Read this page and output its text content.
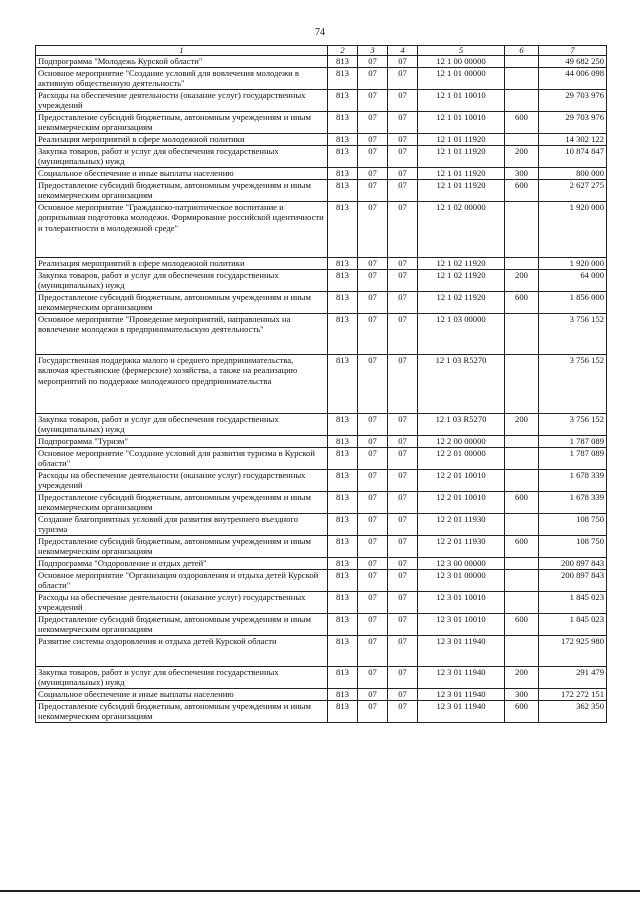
74
1	2	3	4	5	6	7
Подпрограмма "Молодежь Курской области"	813	07	07	12 1 00 00000		49 682 250
Основное мероприятие "Создание условий для вовлечения молодежи в активную общественную деятельность"	813	07	07	12 1 01 00000		44 006 098
Расходы на обеспечение деятельности (оказание услуг) государственных учреждений	813	07	07	12 1 01 10010		29 703 976
Предоставление субсидий бюджетным, автономным учреждениям и иным некоммерческим организациям	813	07	07	12 1 01 10010	600	29 703 976
Реализация мероприятий в сфере молодежной политики	813	07	07	12 1 01 11920		14 302 122
Закупка товаров, работ и услуг для обеспечения государственных (муниципальных) нужд	813	07	07	12 1 01 11920	200	10 874 847
Социальное обеспечение и иные выплаты населению	813	07	07	12 1 01 11920	300	800 000
Предоставление субсидий бюджетным, автономным учреждениям и иным некоммерческим организациям	813	07	07	12 1 01 11920	600	2 627 275
Основное мероприятие "Гражданско-патриотическое воспитание и допризывная подготовка молодежи. Формирование российской идентичности и толерантности в молодежной среде"	813	07	07	12 1 02 00000		1 920 000
Реализация мероприятий в сфере молодежной политики	813	07	07	12 1 02 11920		1 920 000
Закупка товаров, работ и услуг для обеспечения государственных (муниципальных) нужд	813	07	07	12 1 02 11920	200	64 000
Предоставление субсидий бюджетным, автономным учреждениям и иным некоммерческим организациям	813	07	07	12 1 02 11920	600	1 856 000
Основное мероприятие "Проведение мероприятий, направленных на вовлечение молодежи в предпринимательскую деятельность"	813	07	07	12 1 03 00000		3 756 152
Государственная поддержка малого и среднего предпринимательства, включая крестьянские (фермерские) хозяйства, а также на реализацию мероприятий по поддержке молодежного предпринимательства	813	07	07	12 1 03 R5270		3 756 152
Закупка товаров, работ и услуг для обеспечения государственных (муниципальных) нужд	813	07	07	12 1 03 R5270	200	3 756 152
Подпрограмма "Туризм"	813	07	07	12 2 00 00000		1 787 089
Основное мероприятие "Создание условий для развития туризма в Курской области"	813	07	07	12 2 01 00000		1 787 089
Расходы на обеспечение деятельности (оказание услуг) государственных учреждений	813	07	07	12 2 01 10010		1 678 339
Предоставление субсидий бюджетным, автономным учреждениям и иным некоммерческим организациям	813	07	07	12 2 01 10010	600	1 678 339
Создание благоприятных условий для развития внутреннего въездного туризма	813	07	07	12 2 01 11930		108 750
Предоставление субсидий бюджетным, автономным учреждениям и иным некоммерческим организациям	813	07	07	12 2 01 11930	600	108 750
Подпрограмма "Оздоровление и отдых детей"	813	07	07	12 3 00 00000		200 897 843
Основное мероприятие "Организация оздоровления и отдыха детей Курской области"	813	07	07	12 3 01 00000		200 897 843
Расходы на обеспечение деятельности (оказание услуг) государственных учреждений	813	07	07	12 3 01 10010		1 845 023
Предоставление субсидий бюджетным, автономным учреждениям и иным некоммерческим организациям	813	07	07	12 3 01 10010	600	1 845 023
Развитие системы оздоровления и отдыха детей Курской области	813	07	07	12 3 01 11940		172 925 980
Закупка товаров, работ и услуг для обеспечения государственных (муниципальных) нужд	813	07	07	12 3 01 11940	200	291 479
Социальное обеспечение и иные выплаты населению	813	07	07	12 3 01 11940	300	172 272 151
Предоставление субсидий бюджетным, автономным учреждениям и иным некоммерческим организациям	813	07	07	12 3 01 11940	600	362 350
